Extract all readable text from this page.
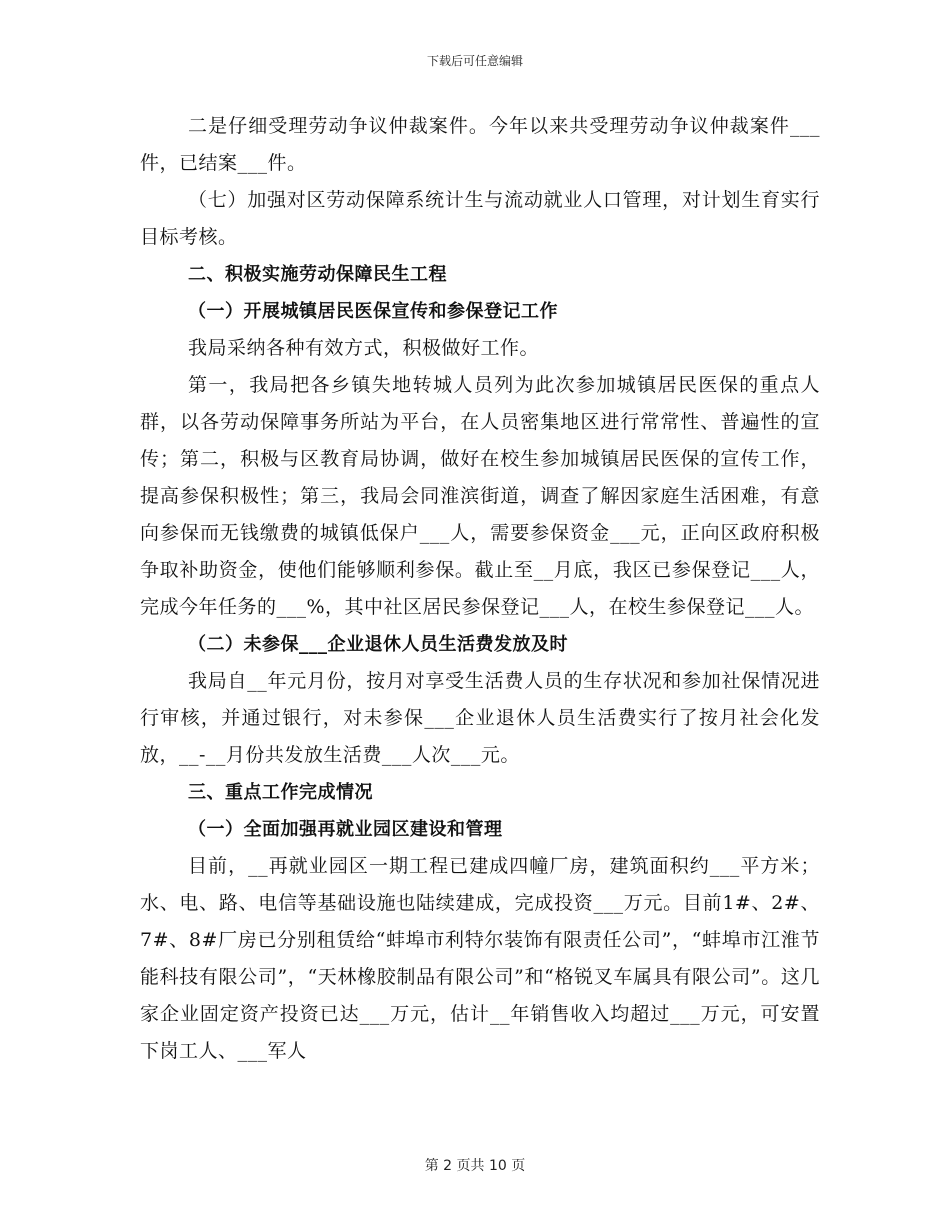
下载后可任意编辑

二是仔细受理劳动争议仲裁案件。今年以来共受理劳动争议仲裁案件___件，已结案___件。

（七）加强对区劳动保障系统计生与流动就业人口管理，对计划生育实行目标考核。

二、积极实施劳动保障民生工程

（一）开展城镇居民医保宣传和参保登记工作

我局采纳各种有效方式，积极做好工作。

第一，我局把各乡镇失地转城人员列为此次参加城镇居民医保的重点人群，以各劳动保障事务所站为平台，在人员密集地区进行常常性、普遍性的宣传；第二，积极与区教育局协调，做好在校生参加城镇居民医保的宣传工作，提高参保积极性；第三，我局会同淮滨街道，调查了解因家庭生活困难，有意向参保而无钱缴费的城镇低保户___人，需要参保资金___元，正向区政府积极争取补助资金，使他们能够顺利参保。截止至__月底，我区已参保登记___人，完成今年任务的___%，其中社区居民参保登记___人，在校生参保登记___人。

（二）未参保___企业退休人员生活费发放及时

我局自__年元月份，按月对享受生活费人员的生存状况和参加社保情况进行审核，并通过银行，对未参保___企业退休人员生活费实行了按月社会化发放，__-__月份共发放生活费___人次___元。

三、重点工作完成情况

（一）全面加强再就业园区建设和管理

目前，__再就业园区一期工程已建成四幢厂房，建筑面积约___平方米；水、电、路、电信等基础设施也陆续建成，完成投资___万元。目前1#、2#、7#、8#厂房已分别租赁给“蚌埠市利特尔装饰有限责任公司”，“蚌埠市江淮节能科技有限公司”，“天林橡胶制品有限公司”和“格锐叉车属具有限公司”。这几家企业固定资产投资已达___万元，估计__年销售收入均超过___万元，可安置下岗工人、___军人

第 2 页共 10 页
